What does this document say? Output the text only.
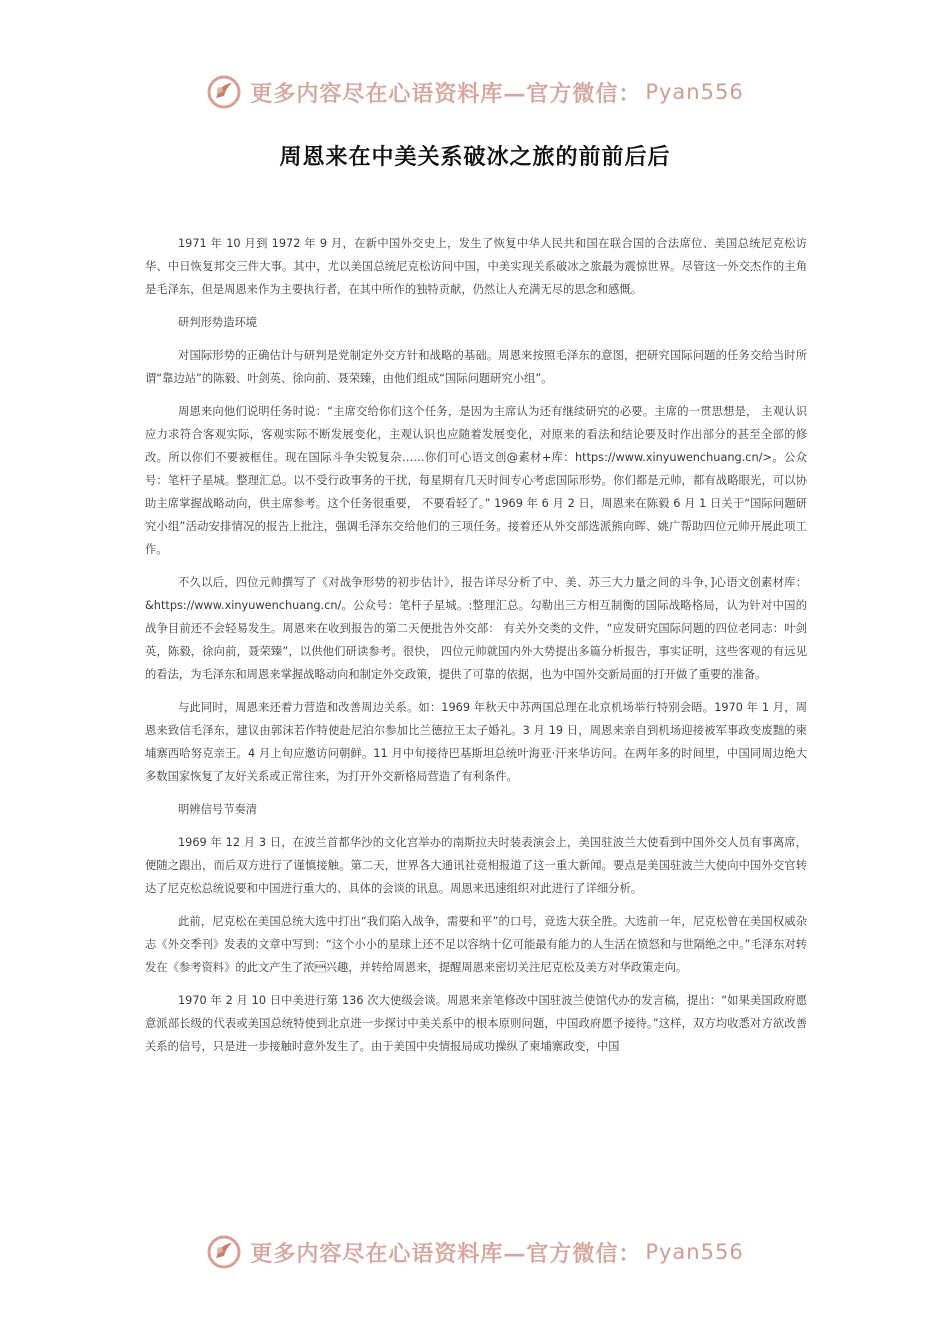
更多内容尽在心语资料库—官方微信： Pyan556
周恩来在中美关系破冰之旅的前前后后

1971 年 10 月到 1972 年 9 月，在新中国外交史上，发生了恢复中华人民共和国在联合国的合法席位、美国总统尼克松访华、中日恢复邦交三件大事。其中，尤以美国总统尼克松访问中国，中美实现关系破冰之旅最为震惊世界。尽管这一外交杰作的主角是毛泽东，但是周恩来作为主要执行者，在其中所作的独特贡献，仍然让人充满无尽的思念和感慨。

研判形势造环境

对国际形势的正确估计与研判是党制定外交方针和战略的基础。周恩来按照毛泽东的意图，把研究国际问题的任务交给当时所谓“靠边站”的陈毅、叶剑英、徐向前、聂荣臻，由他们组成“国际问题研究小组”。

周恩来向他们说明任务时说：“主席交给你们这个任务，是因为主席认为还有继续研究的必要。主席的一贯思想是， 主观认识应力求符合客观实际，客观实际不断发展变化，主观认识也应随着发展变化，对原来的看法和结论要及时作出部分的甚至全部的修改。所以你们不要被框住。现在国际斗争尖锐复杂……你们可心语文创@素材+库：https://www.xinyuwenchuang.cn/>。公众号：笔杆子星城。整理汇总。以不受行政事务的干扰，每星期有几天时间专心考虑国际形势。你们都是元帅，都有战略眼光，可以协助主席掌握战略动向，供主席参考。这个任务很重要， 不要看轻了。” 1969 年 6 月 2 日，周恩来在陈毅 6 月 1 日关于“国际问题研究小组”活动安排情况的报告上批注，强调毛泽东交给他们的三项任务。接着还从外交部选派熊向晖、姚广帮助四位元帅开展此项工作。

不久以后，四位元帅撰写了《对战争形势的初步估计》，报告详尽分析了中、美、苏三大力量之间的斗争，]心语文创素材库：&https://www.xinyuwenchuang.cn/。公众号：笔杆子星城。:整理汇总。勾勒出三方相互制衡的国际战略格局，认为针对中国的战争目前还不会轻易发生。周恩来在收到报告的第二天便批告外交部： 有关外交类的文件，“应发研究国际问题的四位老同志：叶剑英，陈毅，徐向前，聂荣臻”，以供他们研读参考。很快， 四位元帅就国内外大势提出多篇分析报告，事实证明，这些客观的有远见的看法，为毛泽东和周恩来掌握战略动向和制定外交政策，提供了可靠的依据，也为中国外交新局面的打开做了重要的准备。

与此同时，周恩来还着力营造和改善周边关系。如：1969 年秋天中苏两国总理在北京机场举行特别会晤。1970 年 1 月，周恩来致信毛泽东，建议由郭沫若作特使赴尼泊尔参加比兰德拉王太子婚礼。3 月 19 日，周恩来亲自到机场迎接被军事政变废黜的柬埔寨西哈努克亲王。4 月上旬应邀访问朝鲜。11 月中旬接待巴基斯坦总统叶海亚·汗来华访问。在两年多的时间里，中国同周边绝大多数国家恢复了友好关系或正常往来，为打开外交新格局营造了有利条件。

明辨信号节奏清

1969 年 12 月 3 日，在波兰首都华沙的文化宫举办的南斯拉夫时装表演会上，美国驻波兰大使看到中国外交人员有事离席，便随之跟出，而后双方进行了谨慎接触。第二天，世界各大通讯社竞相报道了这一重大新闻。要点是美国驻波兰大使向中国外交官转达了尼克松总统说要和中国进行重大的、具体的会谈的讯息。周恩来迅速组织对此进行了详细分析。

此前，尼克松在美国总统大选中打出“我们陷入战争，需要和平”的口号，竞选大获全胜。大选前一年，尼克松曾在美国权威杂志《外交季刊》发表的文章中写到：“这个小小的星球上还不足以容纳十亿可能最有能力的人生活在愤怒和与世隔绝之中。”毛泽东对转发在《参考资料》的此文产生了浓兴趣，并转给周恩来，提醒周恩来密切关注尼克松及美方对华政策走向。

1970 年 2 月 10 日中美进行第 136 次大使级会谈。周恩来亲笔修改中国驻波兰使馆代办的发言稿，提出：“如果美国政府愿意派部长级的代表或美国总统特使到北京进一步探讨中美关系中的根本原则问题，中国政府愿予接待。”这样，双方均收悉对方欲改善关系的信号，只是进一步接触时意外发生了。由于美国中央情报局成功操纵了柬埔寨政变，中国

更多内容尽在心语资料库—官方微信： Pyan556
